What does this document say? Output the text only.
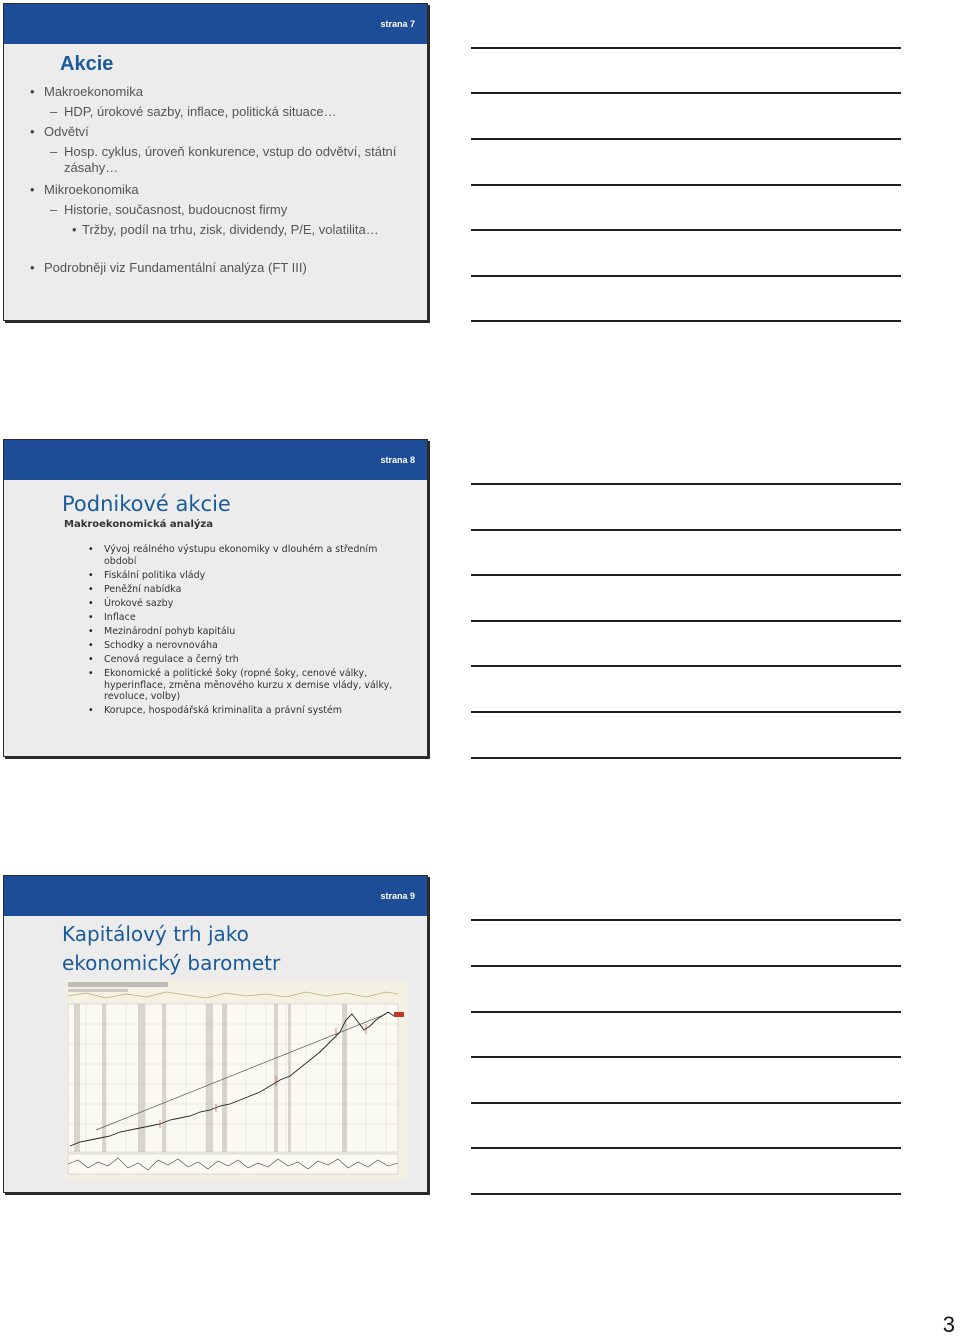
strana 7
Akcie
• Makroekonomika
– HDP, úrokové sazby, inflace, politická situace…
• Odvětví
– Hosp. cyklus, úroveň konkurence, vstup do odvětví, státní zásahy…
• Mikroekonomika
– Historie, současnost, budoucnost firmy
• Tržby, podíl na trhu, zisk, dividendy, P/E, volatilita…
• Podrobněji viz Fundamentální analýza (FT III)
strana 8
Podnikové akcie
Makroekonomická analýza
• Vývoj reálného výstupu ekonomiky v dlouhém a středním období
• Fiskální politika vlády
• Peněžní nabídka
• Úrokové sazby
• Inflace
• Mezinárodní pohyb kapitálu
• Schodky a nerovnováha
• Cenová regulace a černý trh
• Ekonomické a politické šoky (ropné šoky, cenové války, hyperinflace, změna měnového kurzu x demise vlády, války, revoluce, volby)
• Korupce, hospodářská kriminalita a právní systém
strana 9
Kapitálový trh jako
ekonomický barometr
3
